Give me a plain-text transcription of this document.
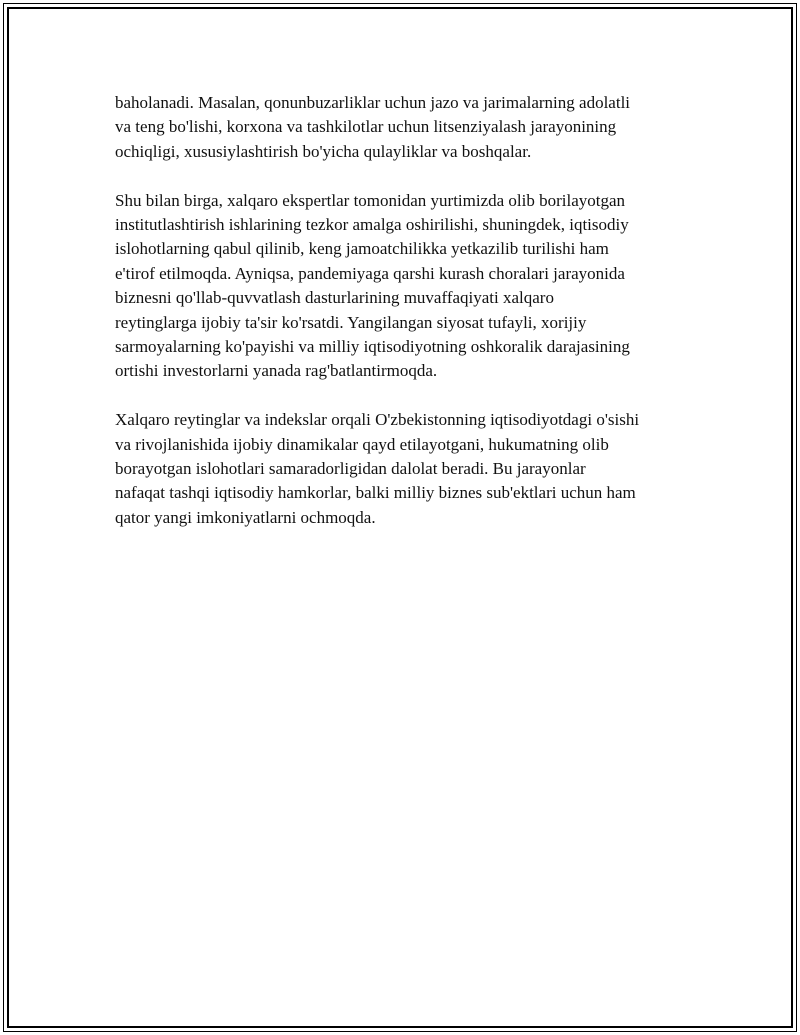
baholanadi. Masalan, qonunbuzarliklar uchun jazo va jarimalarning adolatli
va teng bo'lishi, korxona va tashkilotlar uchun litsenziyalash jarayonining
ochiqligi, xususiylashtirish bo'yicha qulayliklar va boshqalar.

Shu bilan birga, xalqaro ekspertlar tomonidan yurtimizda olib borilayotgan
institutlashtirish ishlarining tezkor amalga oshirilishi, shuningdek, iqtisodiy
islohotlarning qabul qilinib, keng jamoatchilikka yetkazilib turilishi ham
e'tirof etilmoqda. Ayniqsa, pandemiyaga qarshi kurash choralari jarayonida
biznesni qo'llab-quvvatlash dasturlarining muvaffaqiyati xalqaro
reytinglarga ijobiy ta'sir ko'rsatdi. Yangilangan siyosat tufayli, xorijiy
sarmoyalarning ko'payishi va milliy iqtisodiyotning oshkoralik darajasining
ortishi investorlarni yanada rag'batlantirmoqda.

Xalqaro reytinglar va indekslar orqali O'zbekistonning iqtisodiyotdagi o'sishi
va rivojlanishida ijobiy dinamikalar qayd etilayotgani, hukumatning olib
borayotgan islohotlari samaradorligidan dalolat beradi. Bu jarayonlar
nafaqat tashqi iqtisodiy hamkorlar, balki milliy biznes sub'ektlari uchun ham
qator yangi imkoniyatlarni ochmoqda.
